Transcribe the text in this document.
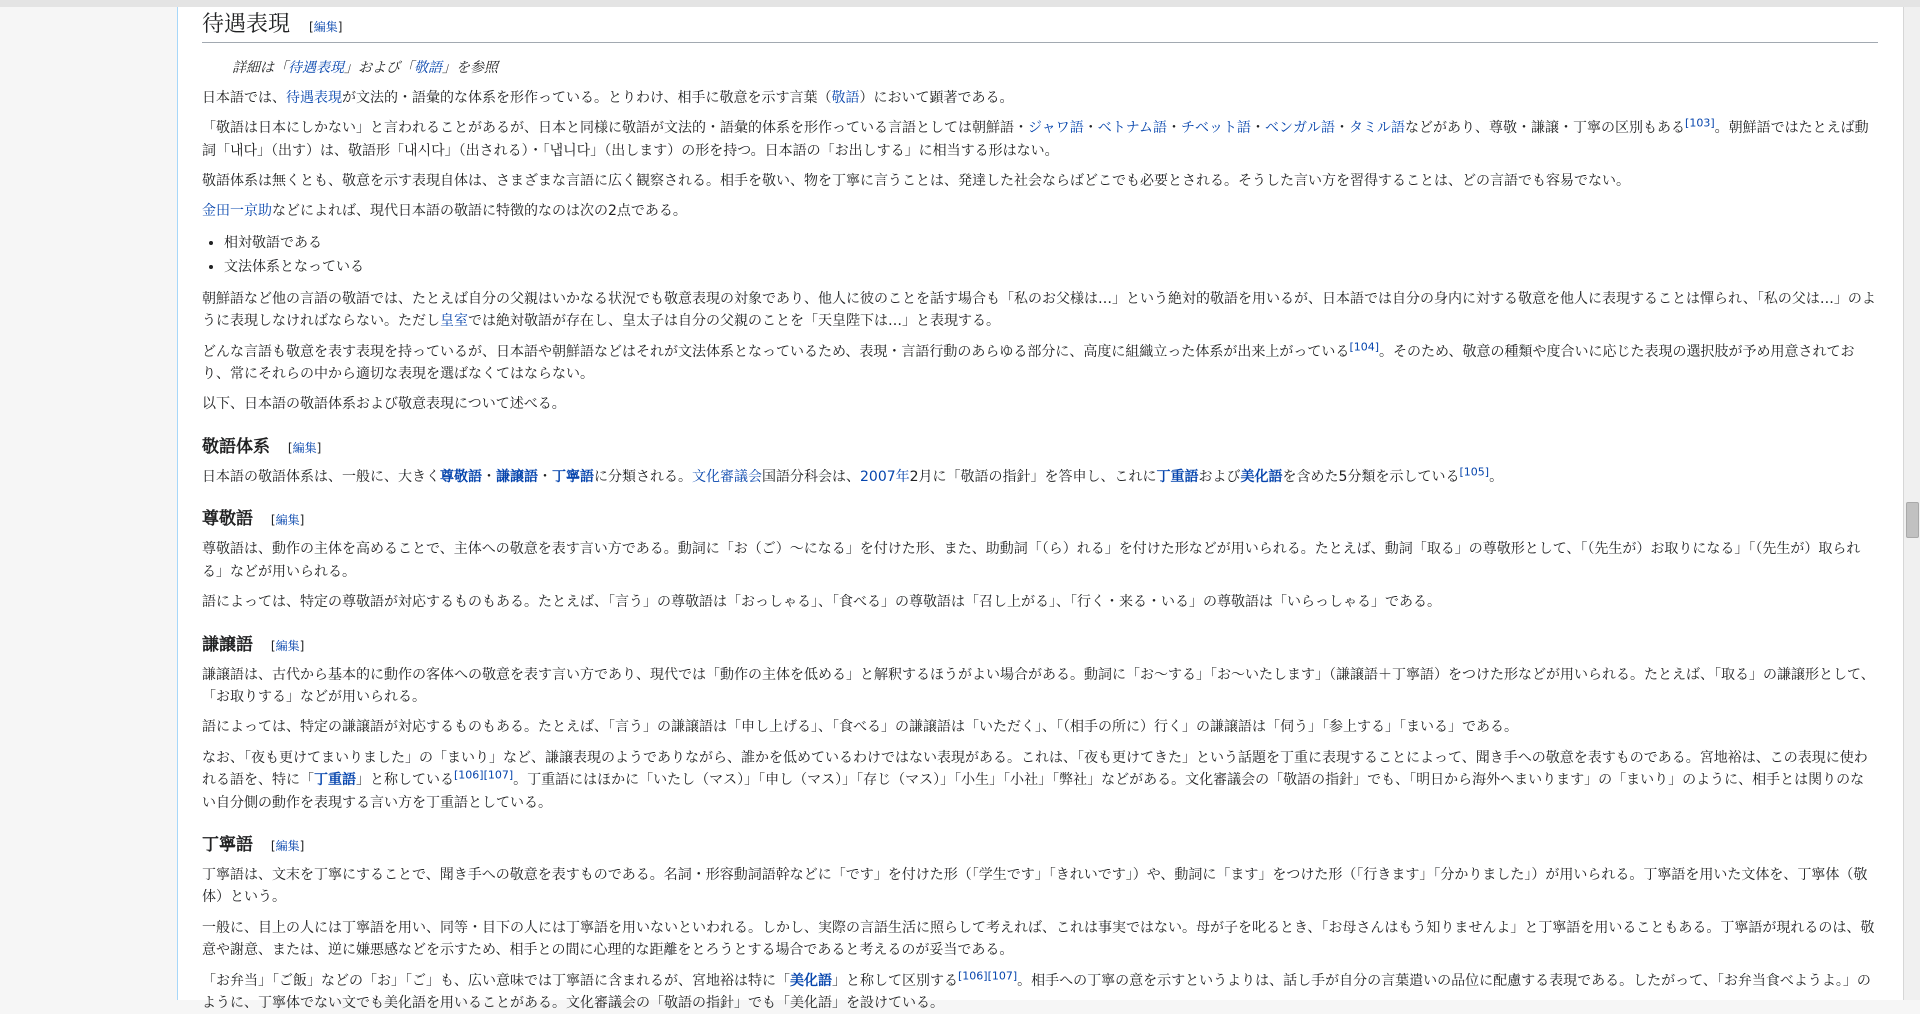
待遇表現 [編集]

詳細は「待遇表現」および「敬語」を参照

日本語では、待遇表現が文法的・語彙的な体系を形作っている。とりわけ、相手に敬意を示す言葉（敬語）において顕著である。

「敬語は日本にしかない」と言われることがあるが、日本と同様に敬語が文法的・語彙的体系を形作っている言語としては朝鮮語・ジャワ語・ベトナム語・チベット語・ベンガル語・タミル語などがあり、尊敬・謙譲・丁寧の区別もある[103]。朝鮮語ではたとえば動詞「내다」（出す）は、敬語形「내시다」（出される）・「냅니다」（出します）の形を持つ。日本語の「お出しする」に相当する形はない。

敬語体系は無くとも、敬意を示す表現自体は、さまざまな言語に広く観察される。相手を敬い、物を丁寧に言うことは、発達した社会ならばどこでも必要とされる。そうした言い方を習得することは、どの言語でも容易でない。

金田一京助などによれば、現代日本語の敬語に特徴的なのは次の2点である。

• 相対敬語である
• 文法体系となっている

朝鮮語など他の言語の敬語では、たとえば自分の父親はいかなる状況でも敬意表現の対象であり、他人に彼のことを話す場合も「私のお父様は…」という絶対的敬語を用いるが、日本語では自分の身内に対する敬意を他人に表現することは憚られ、「私の父は…」のように表現しなければならない。ただし皇室では絶対敬語が存在し、皇太子は自分の父親のことを「天皇陛下は…」と表現する。

どんな言語も敬意を表す表現を持っているが、日本語や朝鮮語などはそれが文法体系となっているため、表現・言語行動のあらゆる部分に、高度に組織立った体系が出来上がっている[104]。そのため、敬意の種類や度合いに応じた表現の選択肢が予め用意されており、常にそれらの中から適切な表現を選ばなくてはならない。

以下、日本語の敬語体系および敬意表現について述べる。

敬語体系 [編集]

日本語の敬語体系は、一般に、大きく尊敬語・謙譲語・丁寧語に分類される。文化審議会国語分科会は、2007年2月に「敬語の指針」を答申し、これに丁重語および美化語を含めた5分類を示している[105]。

尊敬語 [編集]

尊敬語は、動作の主体を高めることで、主体への敬意を表す言い方である。動詞に「お（ご）〜になる」を付けた形、また、助動詞「（ら）れる」を付けた形などが用いられる。たとえば、動詞「取る」の尊敬形として、「（先生が）お取りになる」「（先生が）取られる」などが用いられる。

語によっては、特定の尊敬語が対応するものもある。たとえば、「言う」の尊敬語は「おっしゃる」、「食べる」の尊敬語は「召し上がる」、「行く・来る・いる」の尊敬語は「いらっしゃる」である。

謙譲語 [編集]

謙譲語は、古代から基本的に動作の客体への敬意を表す言い方であり、現代では「動作の主体を低める」と解釈するほうがよい場合がある。動詞に「お〜する」「お〜いたします」（謙譲語＋丁寧語）をつけた形などが用いられる。たとえば、「取る」の謙譲形として、「お取りする」などが用いられる。

語によっては、特定の謙譲語が対応するものもある。たとえば、「言う」の謙譲語は「申し上げる」、「食べる」の謙譲語は「いただく」、「（相手の所に）行く」の謙譲語は「伺う」「参上する」「まいる」である。

なお、「夜も更けてまいりました」の「まいり」など、謙譲表現のようでありながら、誰かを低めているわけではない表現がある。これは、「夜も更けてきた」という話題を丁重に表現することによって、聞き手への敬意を表すものである。宮地裕は、この表現に使われる語を、特に「丁重語」と称している[106][107]。丁重語にはほかに「いたし（マス）」「申し（マス）」「存じ（マス）」「小生」「小社」「弊社」などがある。文化審議会の「敬語の指針」でも、「明日から海外へまいります」の「まいり」のように、相手とは関りのない自分側の動作を表現する言い方を丁重語としている。

丁寧語 [編集]

丁寧語は、文末を丁寧にすることで、聞き手への敬意を表すものである。名詞・形容動詞語幹などに「です」を付けた形（「学生です」「きれいです」）や、動詞に「ます」をつけた形（「行きます」「分かりました」）が用いられる。丁寧語を用いた文体を、丁寧体（敬体）という。

一般に、目上の人には丁寧語を用い、同等・目下の人には丁寧語を用いないといわれる。しかし、実際の言語生活に照らして考えれば、これは事実ではない。母が子を叱るとき、「お母さんはもう知りませんよ」と丁寧語を用いることもある。丁寧語が現れるのは、敬意や謝意、または、逆に嫌悪感などを示すため、相手との間に心理的な距離をとろうとする場合であると考えるのが妥当である。

「お弁当」「ご飯」などの「お」「ご」も、広い意味では丁寧語に含まれるが、宮地裕は特に「美化語」と称して区別する[106][107]。相手への丁寧の意を示すというよりは、話し手が自分の言葉遣いの品位に配慮する表現である。したがって、「お弁当食べようよ。」のように、丁寧体でない文でも美化語を用いることがある。文化審議会の「敬語の指針」でも「美化語」を設けている。
